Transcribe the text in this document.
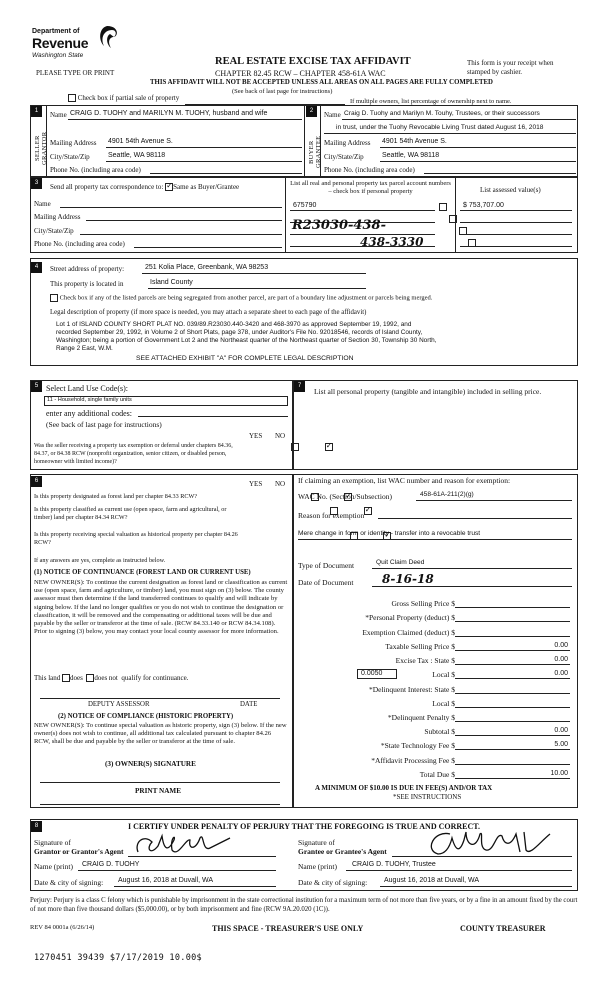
Department of
Revenue
Washington State
REAL ESTATE EXCISE TAX AFFIDAVIT
CHAPTER 82.45 RCW – CHAPTER 458-61A WAC
PLEASE TYPE OR PRINT
This form is your receipt when stamped by cashier.
THIS AFFIDAVIT WILL NOT BE ACCEPTED UNLESS ALL AREAS ON ALL PAGES ARE FULLY COMPLETED
(See back of last page for instructions)
Check box if partial sale of property	If multiple owners, list percentage of ownership next to name.
1
SELLER GRANTOR
Name CRAIG D. TUOHY and MARILYN M. TUOHY, husband and wife
Mailing Address 4901 54th Avenue S.
City/State/Zip	Seattle, WA 98118
Phone No. (including area code)
2
BUYER GRANTEE
Name Craig D. Tuohy and Marilyn M. Touhy, Trustees, or their successors
in trust, under the Tuohy Revocable Living Trust dated August 16, 2018
Mailing Address 4901 54th Avenue S.
City/State/Zip	Seattle, WA 98118
Phone No. (including area code)
3	Send all property tax correspondence to: ✓ Same as Buyer/Grantee	List all real and personal property tax parcel account numbers – check box if personal property	List assessed value(s)
Name
Mailing Address
City/State/Zip
Phone No. (including area code)
675790

R23030-438-
438-3330
$ 753,707.00
4	Street address of property:	251 Kolia Place, Greenbank, WA 98253
This property is located in	Island County
Check box if any of the listed parcels are being segregated from another parcel, are part of a boundary line adjustment or parcels being merged.
Legal description of property (if more space is needed, you may attach a separate sheet to each page of the affidavit)
Lot 1 of ISLAND COUNTY SHORT PLAT NO. 039/89.R23030.440-3420 and 468-3970 as approved September 19, 1992, and
recorded September 29, 1992, in Volume 2 of Short Plats, page 378, under Auditor's File No. 92018546, records of Island County,
Washington; being a portion of Government Lot 2 and the Northeast quarter of the Northeast quarter of Section 30, Township 30 North,
Range 2 East, W.M.
SEE ATTACHED EXHIBIT "A" FOR COMPLETE LEGAL DESCRIPTION
5 Select Land Use Code(s):
11 - Household, single family units
enter any additional codes:
(See back of last page for instructions)
YES NO
Was the seller receiving a property tax exemption or deferral under chapters 84.36, 84.37, or 84.38 RCW (nonprofit organization, senior citizen, or disabled person, homeowner with limited income)?
✓
7
List all personal property (tangible and intangible) included in selling price.
6	YES NO
Is this property designated as forest land per chapter 84.33 RCW?
✓
Is this property classified as current use (open space, farm and agricultural, or timber) land per chapter 84.34 RCW?
✓
Is this property receiving special valuation as historical property per chapter 84.26 RCW?
✓
If any answers are yes, complete as instructed below.
(1) NOTICE OF CONTINUANCE (FOREST LAND OR CURRENT USE)
NEW OWNER(S): To continue the current designation as forest land or classification as current use (open space, farm and agriculture, or timber) land, you must sign on (3) below. The county assessor must then determine if the land transferred continues to qualify and will indicate by signing below. If the land no longer qualifies or you do not wish to continue the designation or classification, it will be removed and the compensating or additional taxes will be due and payable by the seller or transferor at the time of sale. (RCW 84.33.140 or RCW 84.34.108). Prior to signing (3) below, you may contact your local county assessor for more information.
This land does does not qualify for continuance.
DEPUTY ASSESSOR	DATE
(2) NOTICE OF COMPLIANCE (HISTORIC PROPERTY)
NEW OWNER(S): To continue special valuation as historic property, sign (3) below. If the new owner(s) does not wish to continue, all additional tax calculated pursuant to chapter 84.26 RCW, shall be due and payable by the seller or transferor at the time of sale.
(3) OWNER(S) SIGNATURE
PRINT NAME
If claiming an exemption, list WAC number and reason for exemption:
WAC No. (Section/Subsection)	458-61A-211(2)(g)
Reason for exemption
Mere change in form or identity - transfer into a revocable trust
Type of Document	Quit Claim Deed
Date of Document 8-16-18
Gross Selling Price $
*Personal Property (deduct) $
Exemption Claimed (deduct) $
Taxable Selling Price $	0.00
Excise Tax : State $	0.00
Local $	0.00
0.0050
*Delinquent Interest: State $
Local $
*Delinquent Penalty $
Subtotal $	0.00
*State Technology Fee $	5.00
*Affidavit Processing Fee $
Total Due $	10.00
A MINIMUM OF $10.00 IS DUE IN FEE(S) AND/OR TAX
*SEE INSTRUCTIONS
8	I CERTIFY UNDER PENALTY OF PERJURY THAT THE FOREGOING IS TRUE AND CORRECT.
Signature of
Grantor or Grantor's Agent
Name (print) CRAIG D. TUOHY
Date & city of signing: August 16, 2018 at Duvall, WA
Signature of
Grantee or Grantee's Agent
Name (print) CRAIG D. TUOHY, Trustee
Date & city of signing: August 16, 2018 at Duvall, WA
Perjury: Perjury is a class C felony which is punishable by imprisonment in the state correctional institution for a maximum term of not more than five years, or by a fine in an amount fixed by the court of not more than five thousand dollars ($5,000.00), or by both imprisonment and fine (RCW 9A.20.020 (1C)).
REV 84 0001a (6/26/14)	THIS SPACE - TREASURER'S USE ONLY	COUNTY TREASURER
1270451 39439 $7/17/2019 10.00$
